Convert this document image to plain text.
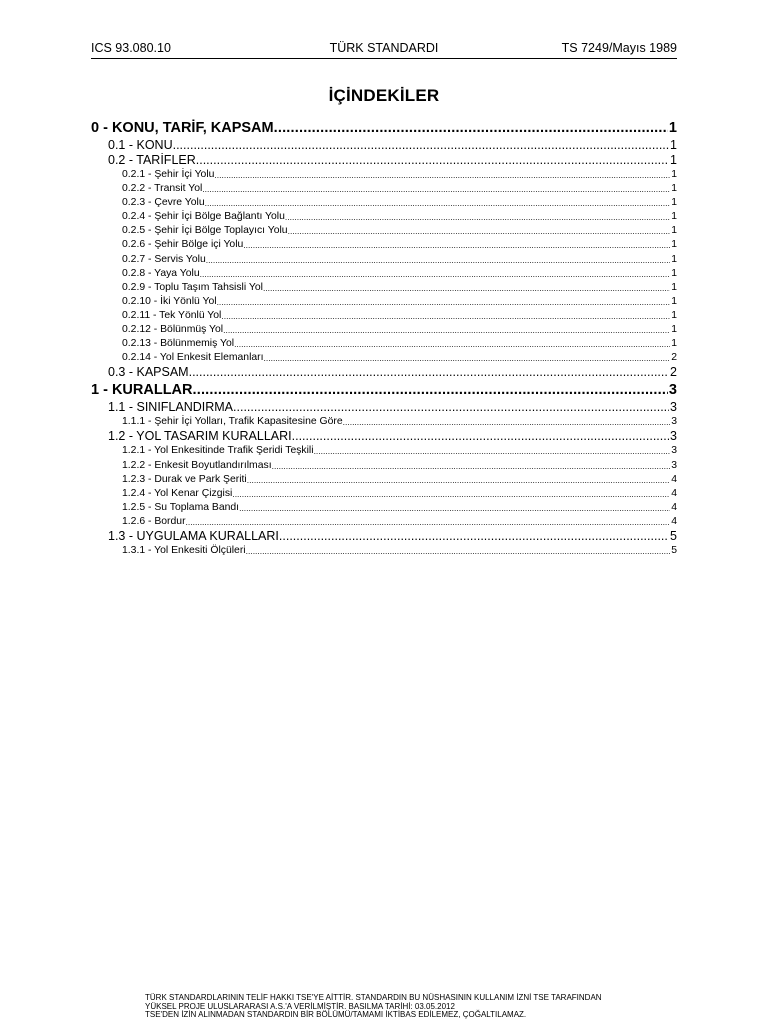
ICS 93.080.10	TÜRK STANDARDI	TS 7249/Mayıs 1989
İÇİNDEKİLER
0 - KONU, TARİF, KAPSAM .....	1
0.1 - KONU .....	1
0.2 - TARİFLER .....	1
0.2.1 - Şehir İçi Yolu .....	1
0.2.2 - Transit Yol .....	1
0.2.3 - Çevre Yolu .....	1
0.2.4 - Şehir İçi Bölge Bağlantı Yolu .....	1
0.2.5 - Şehir İçi Bölge Toplayıcı Yolu .....	1
0.2.6 - Şehir Bölge içi Yolu .....	1
0.2.7 - Servis Yolu .....	1
0.2.8 - Yaya Yolu .....	1
0.2.9 - Toplu Taşım Tahsisli Yol .....	1
0.2.10 - İki Yönlü Yol .....	1
0.2.11 - Tek Yönlü Yol .....	1
0.2.12 - Bölünmüş Yol .....	1
0.2.13 - Bölünmemiş Yol .....	1
0.2.14 - Yol Enkesit Elemanları .....	2
0.3 - KAPSAM .....	2
1 - KURALLAR .....	3
1.1 - SINIFLANDIRMA .....	3
1.1.1 - Şehir İçi Yolları, Trafik Kapasitesine Göre .....	3
1.2 - YOL TASARIM KURALLARI .....	3
1.2.1 - Yol Enkesitinde Trafik Şeridi Teşkili .....	3
1.2.2 - Enkesit Boyutlandırılması .....	3
1.2.3 - Durak ve Park Şeriti .....	4
1.2.4 - Yol Kenar Çizgisi .....	4
1.2.5 - Su Toplama Bandı .....	4
1.2.6 - Bordur .....	4
1.3 - UYGULAMA KURALLARI .....	5
1.3.1 - Yol Enkesiti Ölçüleri .....	5
TÜRK STANDARDLARININ TELİF HAKKI TSE'YE AİTTİR. STANDARDIN BU NÜSHASININ KULLANIM İZNİ TSE TARAFINDAN
YÜKSEL PROJE ULUSLARARASI A.S.'A VERİLMİŞTİR. BASILMA TARİHİ: 03.05.2012
TSE'DEN İZİN ALINMADAN STANDARDIN BİR BÖLÜMÜ/TAMAMI İKTİBAS EDİLEMEZ, ÇOĞALTILAMAZ.
